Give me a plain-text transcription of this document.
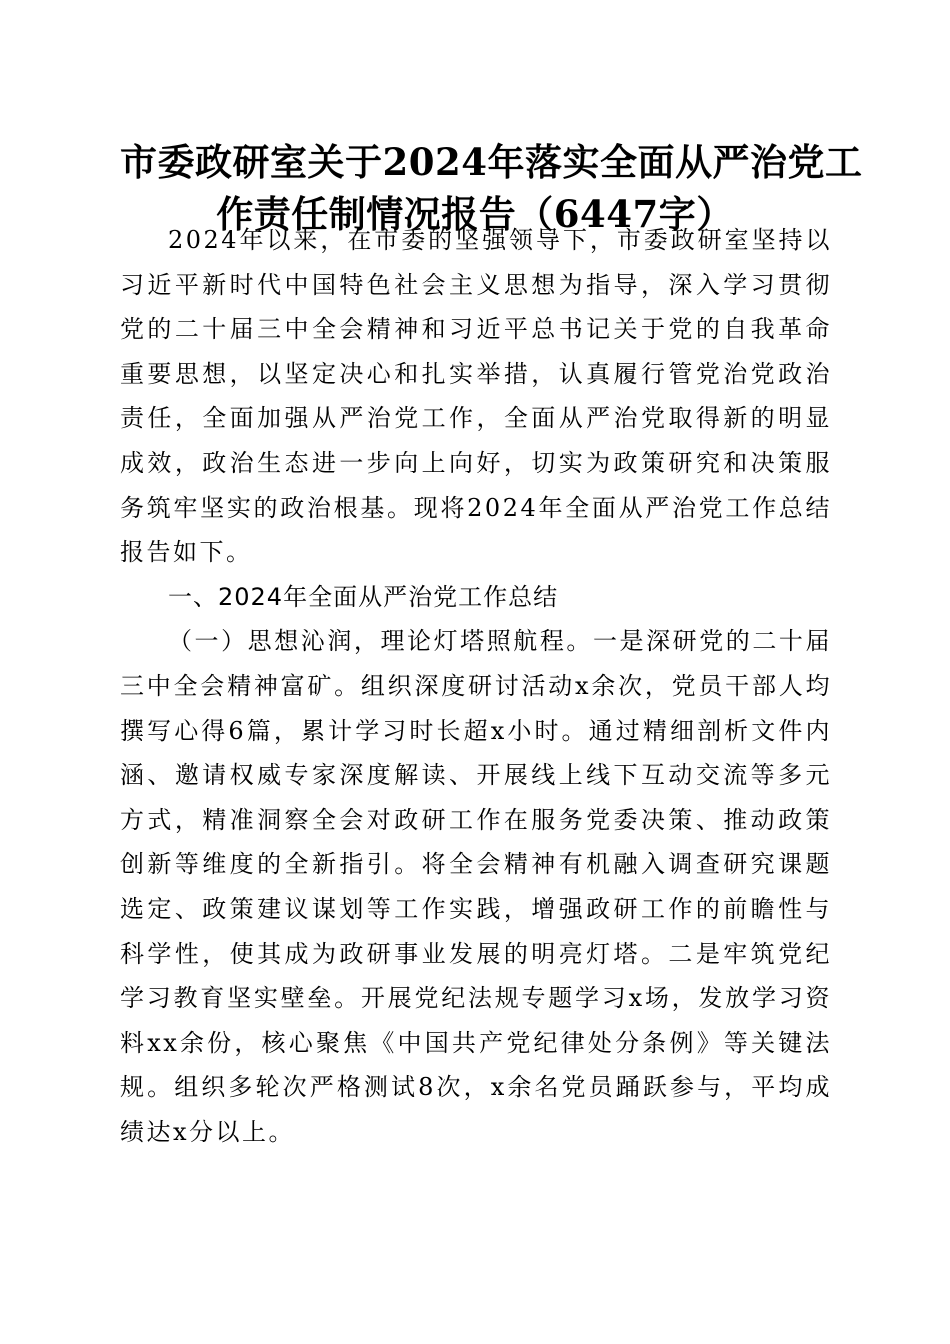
市委政研室关于2024年落实全面从严治党工
作责任制情况报告（6447字）

2024年以来，在市委的坚强领导下，市委政研室坚持以习近平新时代中国特色社会主义思想为指导，深入学习贯彻党的二十届三中全会精神和习近平总书记关于党的自我革命重要思想，以坚定决心和扎实举措，认真履行管党治党政治责任，全面加强从严治党工作，全面从严治党取得新的明显成效，政治生态进一步向上向好，切实为政策研究和决策服务筑牢坚实的政治根基。现将2024年全面从严治党工作总结报告如下。

一、2024年全面从严治党工作总结

（一）思想沁润，理论灯塔照航程。一是深研党的二十届三中全会精神富矿。组织深度研讨活动x余次，党员干部人均撰写心得6篇，累计学习时长超x小时。通过精细剖析文件内涵、邀请权威专家深度解读、开展线上线下互动交流等多元方式，精准洞察全会对政研工作在服务党委决策、推动政策创新等维度的全新指引。将全会精神有机融入调查研究课题选定、政策建议谋划等工作实践，增强政研工作的前瞻性与科学性，使其成为政研事业发展的明亮灯塔。二是牢筑党纪学习教育坚实壁垒。开展党纪法规专题学习x场，发放学习资料xx余份，核心聚焦《中国共产党纪律处分条例》等关键法规。组织多轮次严格测试8次，x余名党员踊跃参与，平均成绩达x分以上。
